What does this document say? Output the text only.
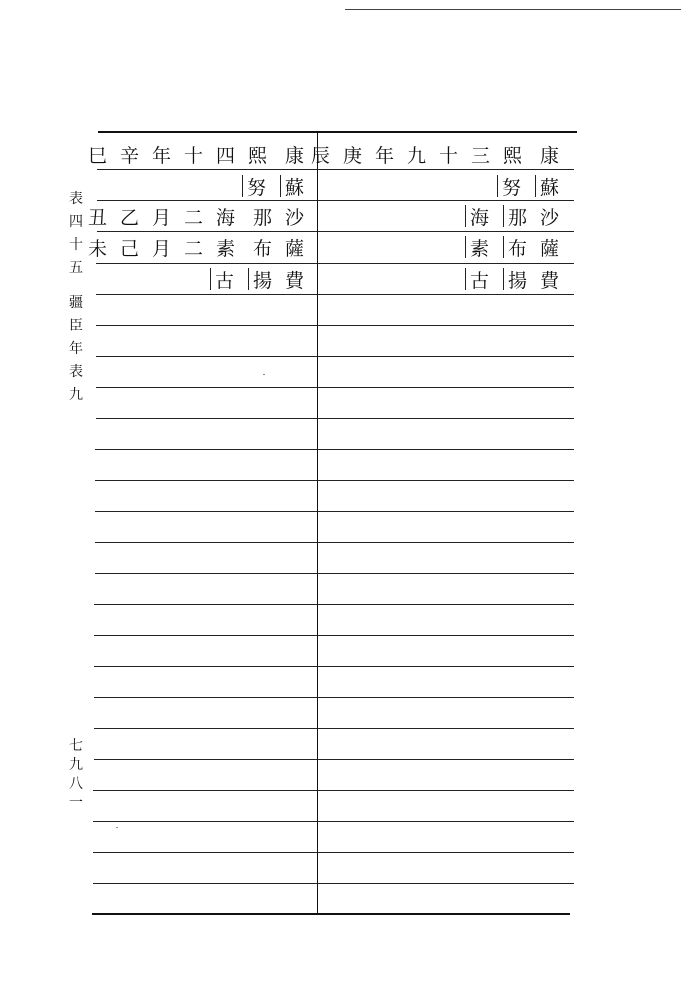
表
四
十
五
疆
臣
年
表
九
七
九
八
一
巳辛年十四 熙 康
努 蘇
丑乙月二 海 那沙
未己月二 素 布薩
古 揚費
辰庚年九十三 熙 康
努 蘇
海 那沙
素 布薩
古 揚費
